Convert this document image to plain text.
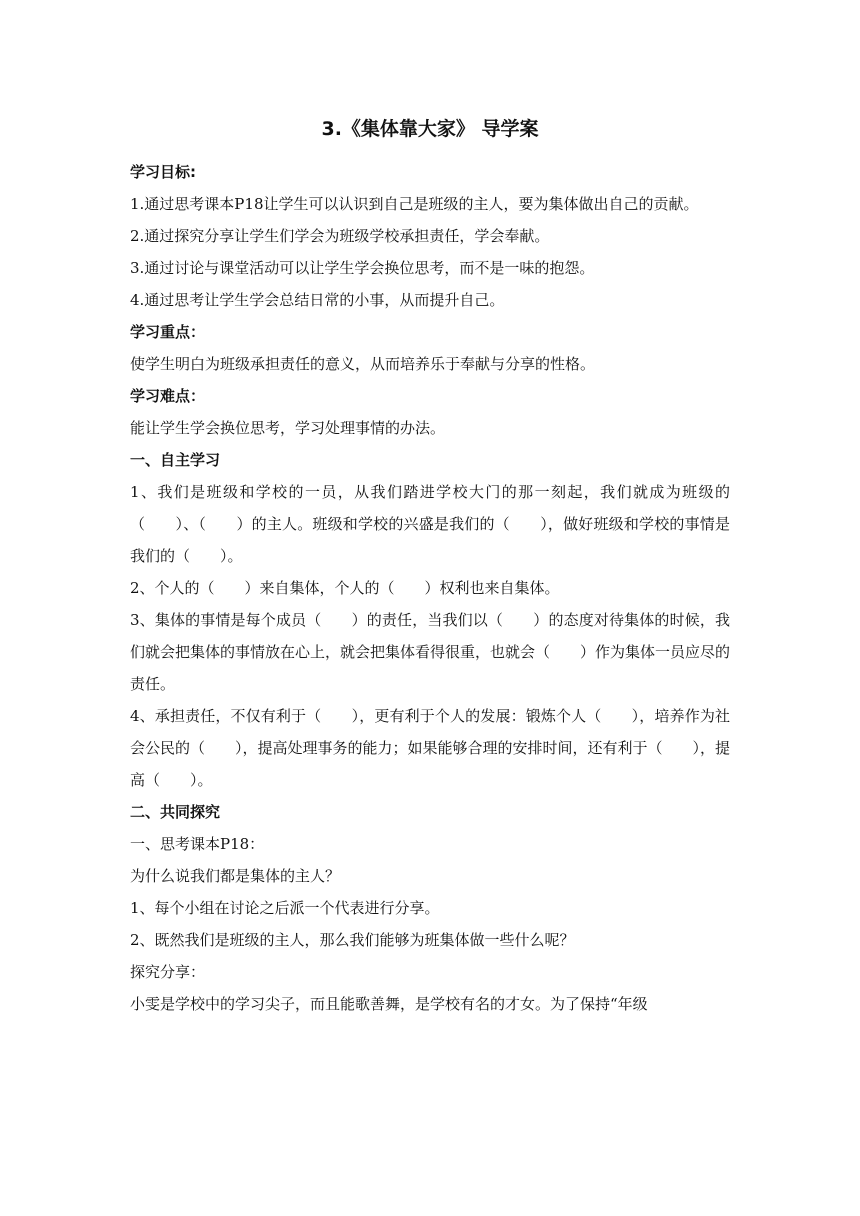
3.《集体靠大家》 导学案
学习目标:

1.通过思考课本P18让学生可以认识到自己是班级的主人，要为集体做出自己的贡献。

2.通过探究分享让学生们学会为班级学校承担责任，学会奉献。

3.通过讨论与课堂活动可以让学生学会换位思考，而不是一味的抱怨。

4.通过思考让学生学会总结日常的小事，从而提升自己。

学习重点：

使学生明白为班级承担责任的意义，从而培养乐于奉献与分享的性格。

学习难点：

能让学生学会换位思考，学习处理事情的办法。

一、自主学习

1、我们是班级和学校的一员，从我们踏进学校大门的那一刻起，我们就成为班级的（　　）、（　　）的主人。班级和学校的兴盛是我们的（　　），做好班级和学校的事情是我们的（　　）。

2、个人的（　　）来自集体，个人的（　　）权利也来自集体。

3、集体的事情是每个成员（　　）的责任，当我们以（　　）的态度对待集体的时候，我们就会把集体的事情放在心上，就会把集体看得很重，也就会（　　）作为集体一员应尽的责任。

4、承担责任，不仅有利于（　　），更有利于个人的发展：锻炼个人（　　），培养作为社会公民的（　　），提高处理事务的能力；如果能够合理的安排时间，还有利于（　　），提高（　　）。

二、共同探究

一、思考课本P18：

为什么说我们都是集体的主人？

1、每个小组在讨论之后派一个代表进行分享。

2、既然我们是班级的主人，那么我们能够为班集体做一些什么呢？

探究分享：

小雯是学校中的学习尖子，而且能歌善舞，是学校有名的才女。为了保持“年级
